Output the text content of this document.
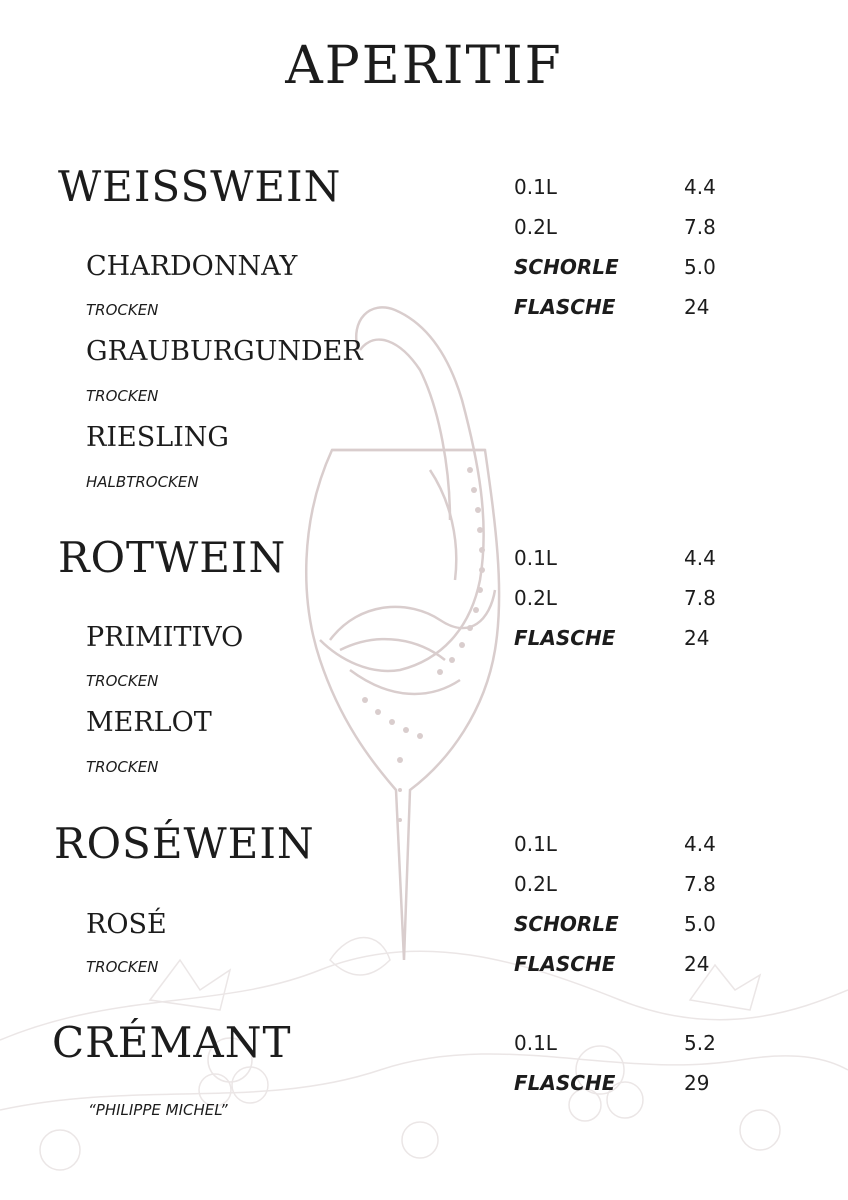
APERITIF
WEISSWEIN
CHARDONNAY
TROCKEN
GRAUBURGUNDER
TROCKEN
RIESLING
HALBTROCKEN
0.1L	4.4
0.2L	7.8
SCHORLE	5.0
FLASCHE	24
ROTWEIN
PRIMITIVO
TROCKEN
MERLOT
TROCKEN
0.1L	4.4
0.2L	7.8
FLASCHE	24
ROSÉWEIN
ROSÉ
TROCKEN
0.1L	4.4
0.2L	7.8
SCHORLE	5.0
FLASCHE	24
CRÉMANT
“PHILIPPE MICHEL”
0.1L	5.2
FLASCHE	29
